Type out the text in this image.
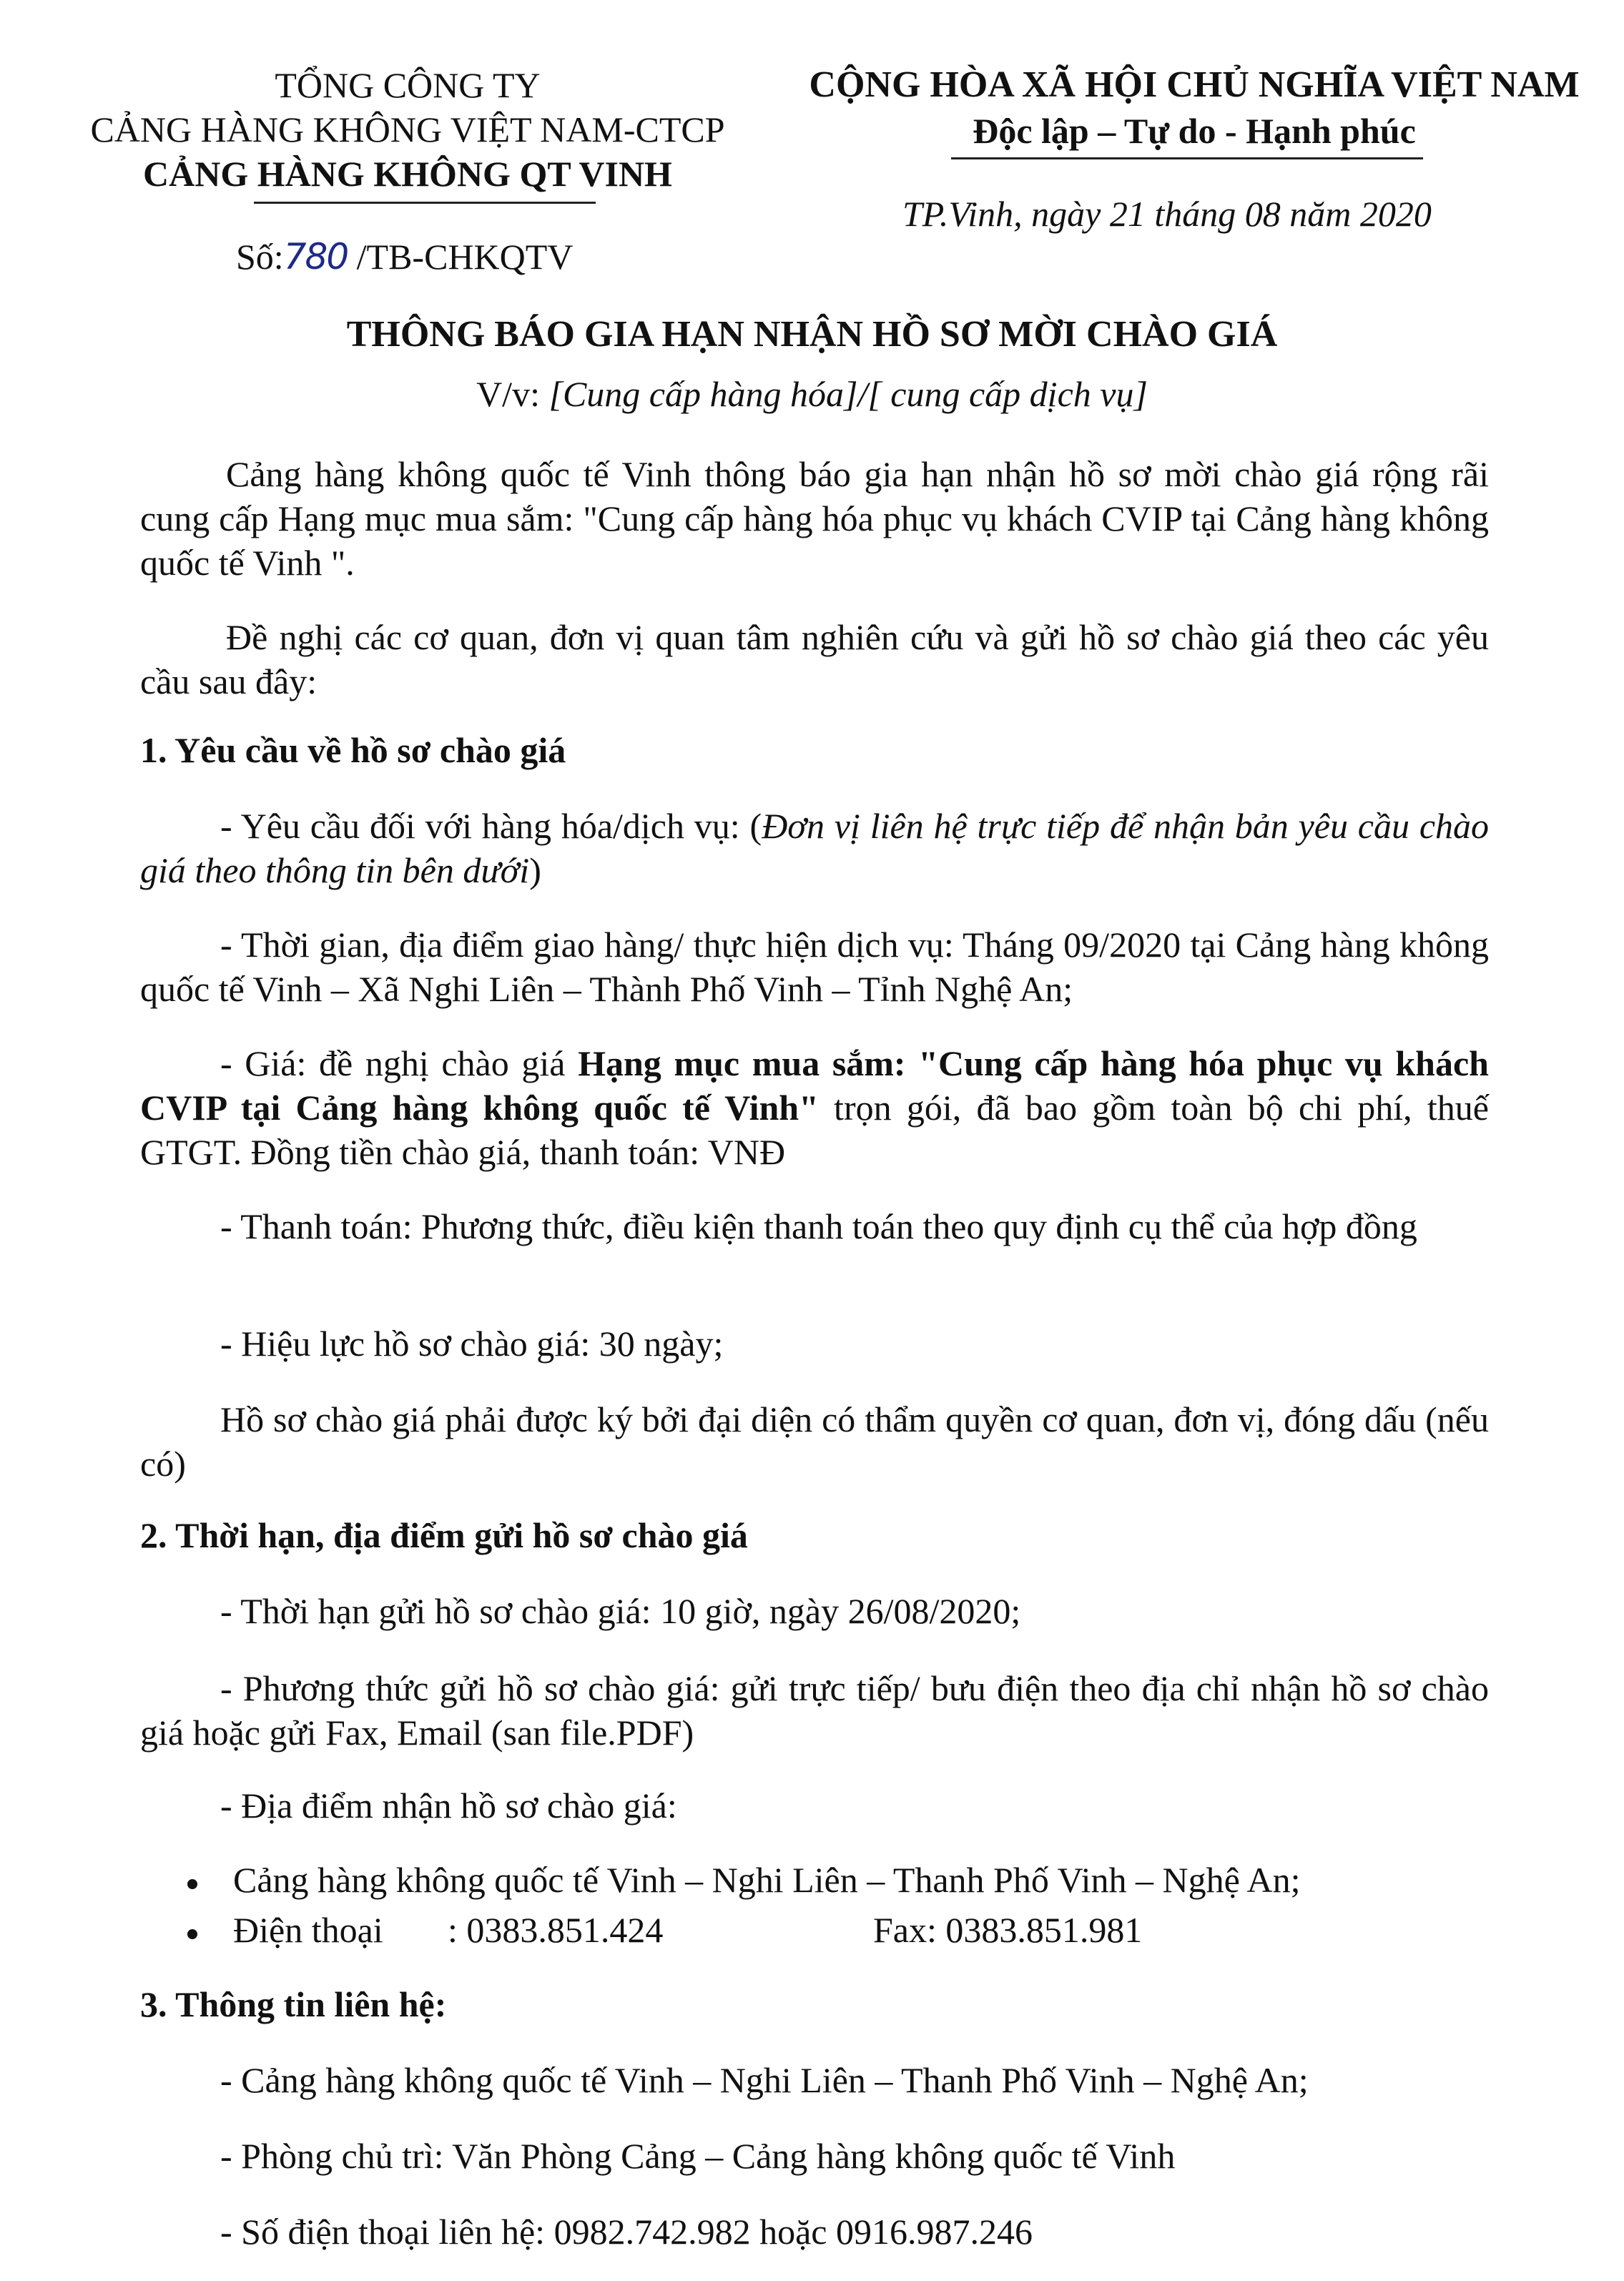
TỔNG CÔNG TY
CẢNG HÀNG KHÔNG VIỆT NAM-CTCP
CẢNG HÀNG KHÔNG QT VINH
Số:780 /TB-CHKQTV
CỘNG HÒA XÃ HỘI CHỦ NGHĨA VIỆT NAM
Độc lập – Tự do - Hạnh phúc
TP.Vinh, ngày 21 tháng 08 năm 2020
THÔNG BÁO GIA HẠN NHẬN HỒ SƠ MỜI CHÀO GIÁ
V/v: [Cung cấp hàng hóa]/[ cung cấp dịch vụ]
Cảng hàng không quốc tế Vinh thông báo gia hạn nhận hồ sơ mời chào giá rộng rãi cung cấp Hạng mục mua sắm: "Cung cấp hàng hóa phục vụ khách CVIP tại Cảng hàng không quốc tế Vinh ".
Đề nghị các cơ quan, đơn vị quan tâm nghiên cứu và gửi hồ sơ chào giá theo các yêu cầu sau đây:
1. Yêu cầu về hồ sơ chào giá
- Yêu cầu đối với hàng hóa/dịch vụ: (Đơn vị liên hệ trực tiếp để nhận bản yêu cầu chào giá theo thông tin bên dưới)
- Thời gian, địa điểm giao hàng/ thực hiện dịch vụ: Tháng 09/2020 tại Cảng hàng không quốc tế Vinh – Xã Nghi Liên – Thành Phố Vinh – Tỉnh Nghệ An;
- Giá: đề nghị chào giá Hạng mục mua sắm: "Cung cấp hàng hóa phục vụ khách CVIP tại Cảng hàng không quốc tế Vinh" trọn gói, đã bao gồm toàn bộ chi phí, thuế GTGT. Đồng tiền chào giá, thanh toán: VNĐ
- Thanh toán: Phương thức, điều kiện thanh toán theo quy định cụ thể của hợp đồng
- Hiệu lực hồ sơ chào giá: 30 ngày;
Hồ sơ chào giá phải được ký bởi đại diện có thẩm quyền cơ quan, đơn vị, đóng dấu (nếu có)
2. Thời hạn, địa điểm gửi hồ sơ chào giá
- Thời hạn gửi hồ sơ chào giá: 10 giờ, ngày 26/08/2020;
- Phương thức gửi hồ sơ chào giá: gửi trực tiếp/ bưu điện theo địa chỉ nhận hồ sơ chào giá hoặc gửi Fax, Email (san file.PDF)
- Địa điểm nhận hồ sơ chào giá:
Cảng hàng không quốc tế Vinh – Nghi Liên – Thanh Phố Vinh – Nghệ An;
Điện thoại : 0383.851.424	Fax: 0383.851.981
3. Thông tin liên hệ:
- Cảng hàng không quốc tế Vinh – Nghi Liên – Thanh Phố Vinh – Nghệ An;
- Phòng chủ trì: Văn Phòng Cảng – Cảng hàng không quốc tế Vinh
- Số điện thoại liên hệ: 0982.742.982 hoặc 0916.987.246
